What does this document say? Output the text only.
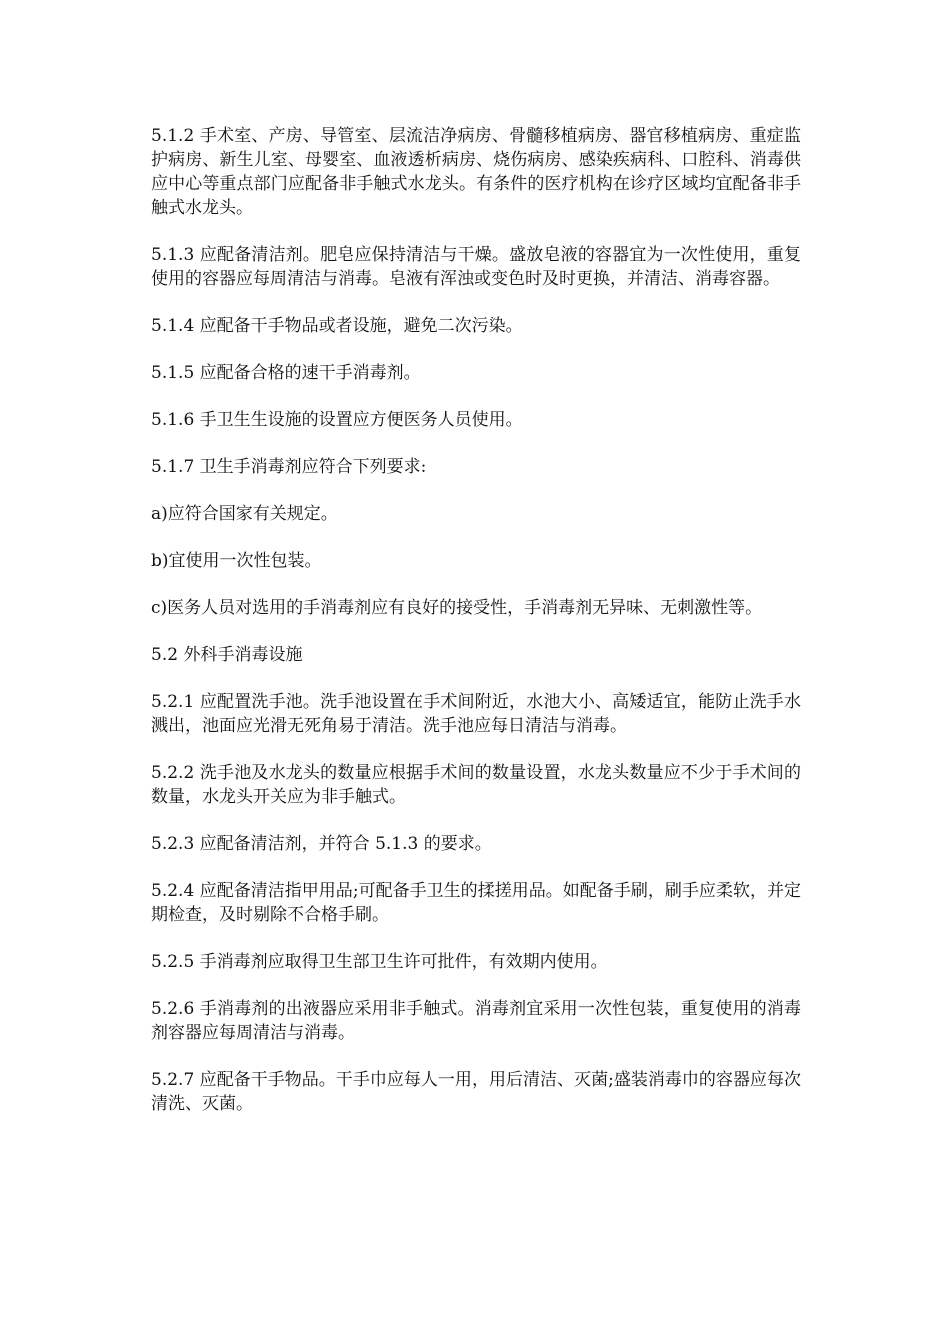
5.1.2 手术室、产房、导管室、层流洁净病房、骨髓移植病房、器官移植病房、重症监护病房、新生儿室、母婴室、血液透析病房、烧伤病房、感染疾病科、口腔科、消毒供应中心等重点部门应配备非手触式水龙头。有条件的医疗机构在诊疗区域均宜配备非手触式水龙头。

5.1.3 应配备清洁剂。肥皂应保持清洁与干燥。盛放皂液的容器宜为一次性使用，重复使用的容器应每周清洁与消毒。皂液有浑浊或变色时及时更换，并清洁、消毒容器。

5.1.4 应配备干手物品或者设施，避免二次污染。

5.1.5 应配备合格的速干手消毒剂。

5.1.6 手卫生生设施的设置应方便医务人员使用。

5.1.7 卫生手消毒剂应符合下列要求:

a)应符合国家有关规定。

b)宜使用一次性包装。

c)医务人员对选用的手消毒剂应有良好的接受性，手消毒剂无异味、无刺激性等。

5.2 外科手消毒设施

5.2.1 应配置洗手池。洗手池设置在手术间附近，水池大小、高矮适宜，能防止洗手水溅出，池面应光滑无死角易于清洁。洗手池应每日清洁与消毒。

5.2.2 洗手池及水龙头的数量应根据手术间的数量设置，水龙头数量应不少于手术间的数量，水龙头开关应为非手触式。

5.2.3 应配备清洁剂，并符合 5.1.3 的要求。

5.2.4 应配备清洁指甲用品;可配备手卫生的揉搓用品。如配备手刷，刷手应柔软，并定期检查，及时剔除不合格手刷。

5.2.5 手消毒剂应取得卫生部卫生许可批件，有效期内使用。

5.2.6 手消毒剂的出液器应采用非手触式。消毒剂宜采用一次性包装，重复使用的消毒剂容器应每周清洁与消毒。

5.2.7 应配备干手物品。干手巾应每人一用，用后清洁、灭菌;盛装消毒巾的容器应每次清洗、灭菌。
